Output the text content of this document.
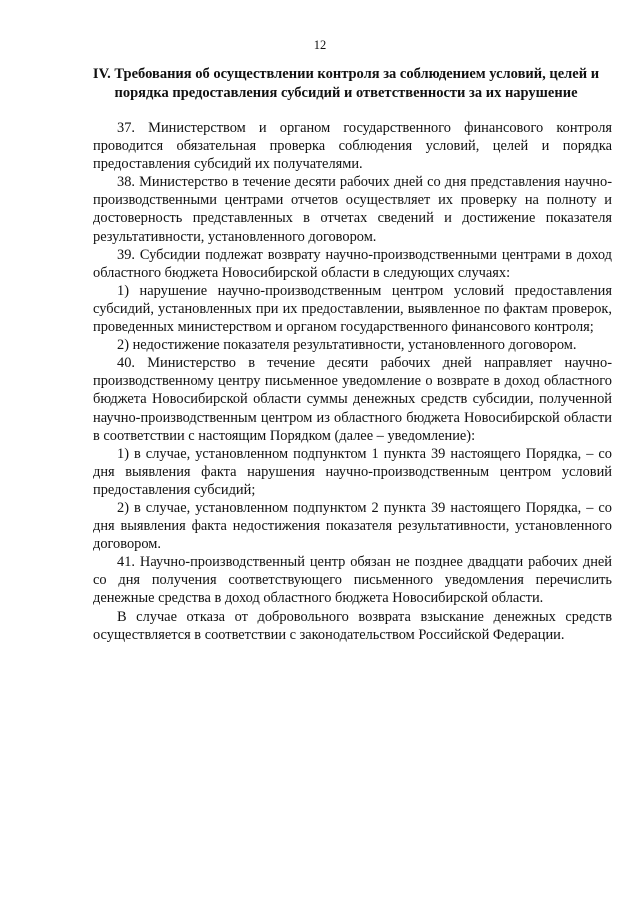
12
IV. Требования об осуществлении контроля за соблюдением условий, целей и порядка предоставления субсидий и ответственности за их нарушение

37. Министерством и органом государственного финансового контроля проводится обязательная проверка соблюдения условий, целей и порядка предоставления субсидий их получателями.

38. Министерство в течение десяти рабочих дней со дня представления научно-производственными центрами отчетов осуществляет их проверку на полноту и достоверность представленных в отчетах сведений и достижение показателя результативности, установленного договором.

39. Субсидии подлежат возврату научно-производственными центрами в доход областного бюджета Новосибирской области в следующих случаях:

1) нарушение научно-производственным центром условий предоставления субсидий, установленных при их предоставлении, выявленное по фактам проверок, проведенных министерством и органом государственного финансового контроля;

2) недостижение показателя результативности, установленного договором.

40. Министерство в течение десяти рабочих дней направляет научно-производственному центру письменное уведомление о возврате в доход областного бюджета Новосибирской области суммы денежных средств субсидии, полученной научно-производственным центром из областного бюджета Новосибирской области в соответствии с настоящим Порядком (далее – уведомление):

1) в случае, установленном подпунктом 1 пункта 39 настоящего Порядка, – со дня выявления факта нарушения научно-производственным центром условий предоставления субсидий;

2) в случае, установленном подпунктом 2 пункта 39 настоящего Порядка, – со дня выявления факта недостижения показателя результативности, установленного договором.

41. Научно-производственный центр обязан не позднее двадцати рабочих дней со дня получения соответствующего письменного уведомления перечислить денежные средства в доход областного бюджета Новосибирской области.

В случае отказа от добровольного возврата взыскание денежных средств осуществляется в соответствии с законодательством Российской Федерации.
